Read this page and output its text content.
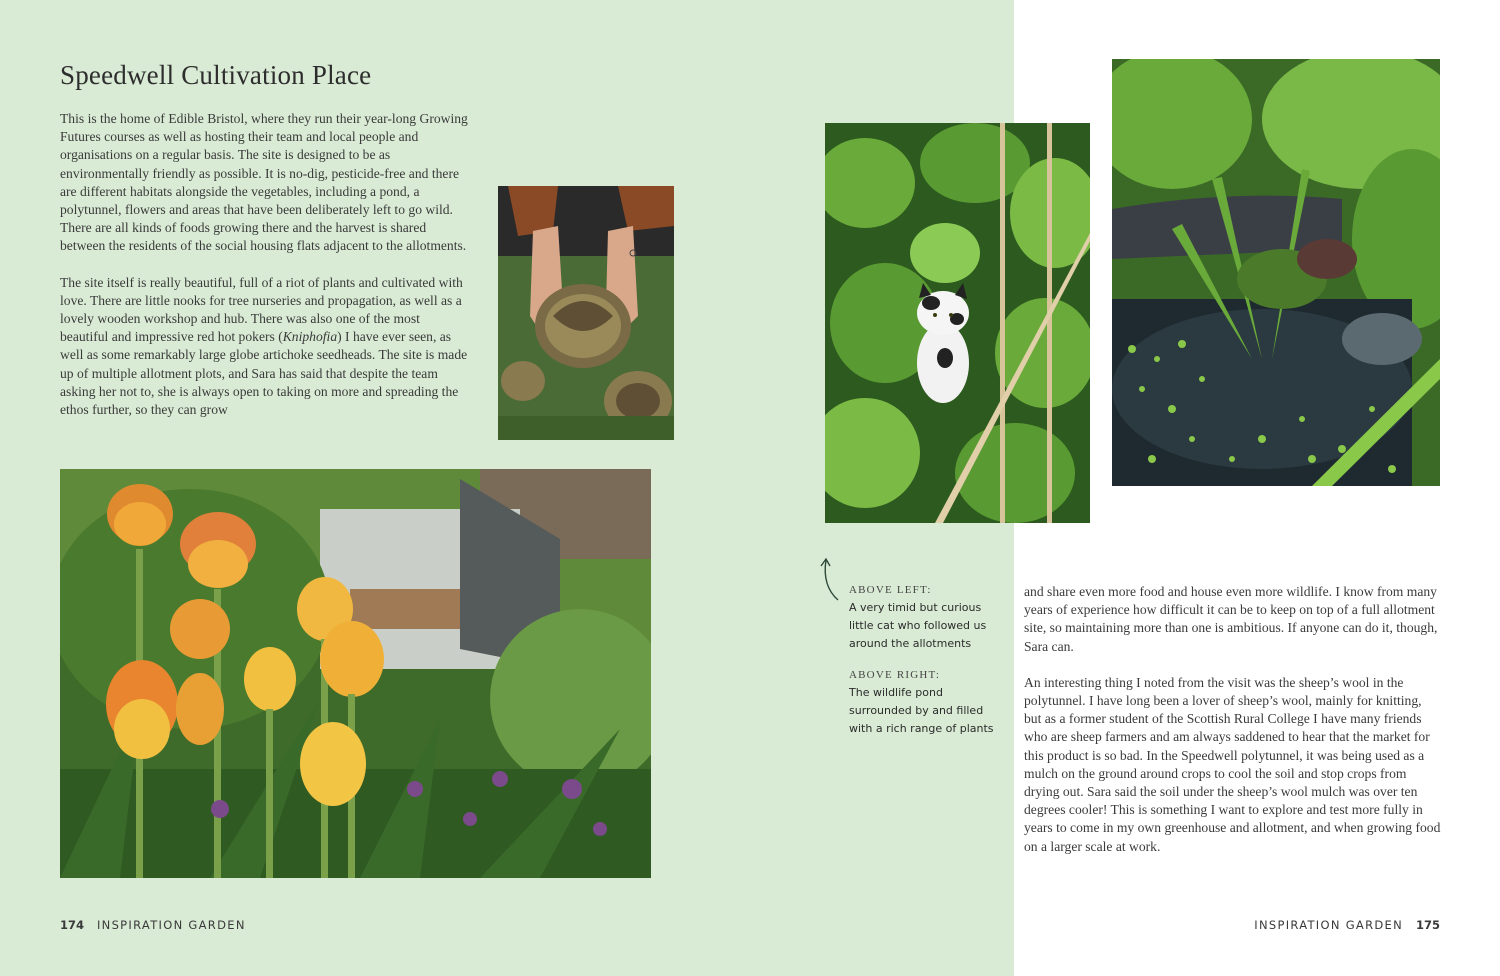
Speedwell Cultivation Place

This is the home of Edible Bristol, where they run their year-long Growing Futures courses as well as hosting their team and local people and organisations on a regular basis. The site is designed to be as environmentally friendly as possible. It is no-dig, pesticide-free and there are different habitats alongside the vegetables, including a pond, a polytunnel, flowers and areas that have been deliberately left to go wild. There are all kinds of foods growing there and the harvest is shared between the residents of the social housing flats adjacent to the allotments.

The site itself is really beautiful, full of a riot of plants and cultivated with love. There are little nooks for tree nurseries and propagation, as well as a lovely wooden workshop and hub. There was also one of the most beautiful and impressive red hot pokers (Kniphofia) I have ever seen, as well as some remarkably large globe artichoke seedheads. The site is made up of multiple allotment plots, and Sara has said that despite the team asking her not to, she is always open to taking on more and spreading the ethos further, so they can grow

174 INSPIRATION GARDEN
ABOVE LEFT:
A very timid but curious little cat who followed us around the allotments
ABOVE RIGHT:
The wildlife pond surrounded by and filled with a rich range of plants

and share even more food and house even more wildlife. I know from many years of experience how difficult it can be to keep on top of a full allotment site, so maintaining more than one is ambitious. If anyone can do it, though, Sara can.

An interesting thing I noted from the visit was the sheep’s wool in the polytunnel. I have long been a lover of sheep’s wool, mainly for knitting, but as a former student of the Scottish Rural College I have many friends who are sheep farmers and am always saddened to hear that the market for this product is so bad. In the Speedwell polytunnel, it was being used as a mulch on the ground around crops to cool the soil and stop crops from drying out. Sara said the soil under the sheep’s wool mulch was over ten degrees cooler! This is something I want to explore and test more fully in years to come in my own greenhouse and allotment, and when growing food on a larger scale at work.

INSPIRATION GARDEN 175
